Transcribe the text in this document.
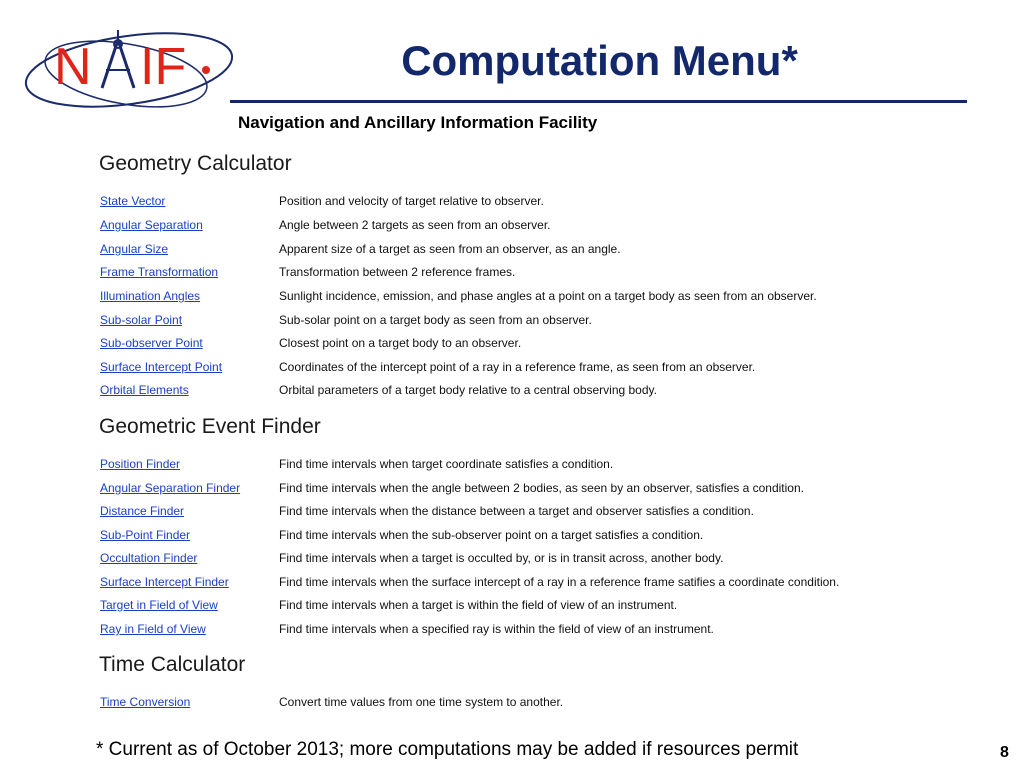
N IF	Computation Menu*
Navigation and Ancillary Information Facility
Geometry Calculator
State Vector	Position and velocity of target relative to observer.
Angular Separation	Angle between 2 targets as seen from an observer.
Angular Size	Apparent size of a target as seen from an observer, as an angle.
Frame Transformation	Transformation between 2 reference frames.
Illumination Angles	Sunlight incidence, emission, and phase angles at a point on a target body as seen from an observer.
Sub-solar Point	Sub-solar point on a target body as seen from an observer.
Sub-observer Point	Closest point on a target body to an observer.
Surface Intercept Point	Coordinates of the intercept point of a ray in a reference frame, as seen from an observer.
Orbital Elements	Orbital parameters of a target body relative to a central observing body.
Geometric Event Finder
Position Finder	Find time intervals when target coordinate satisfies a condition.
Angular Separation Finder	Find time intervals when the angle between 2 bodies, as seen by an observer, satisfies a condition.
Distance Finder	Find time intervals when the distance between a target and observer satisfies a condition.
Sub-Point Finder	Find time intervals when the sub-observer point on a target satisfies a condition.
Occultation Finder	Find time intervals when a target is occulted by, or is in transit across, another body.
Surface Intercept Finder	Find time intervals when the surface intercept of a ray in a reference frame satifies a coordinate condition.
Target in Field of View	Find time intervals when a target is within the field of view of an instrument.
Ray in Field of View	Find time intervals when a specified ray is within the field of view of an instrument.
Time Calculator
Time Conversion	Convert time values from one time system to another.
* Current as of October 2013; more computations may be added if resources permit	8
